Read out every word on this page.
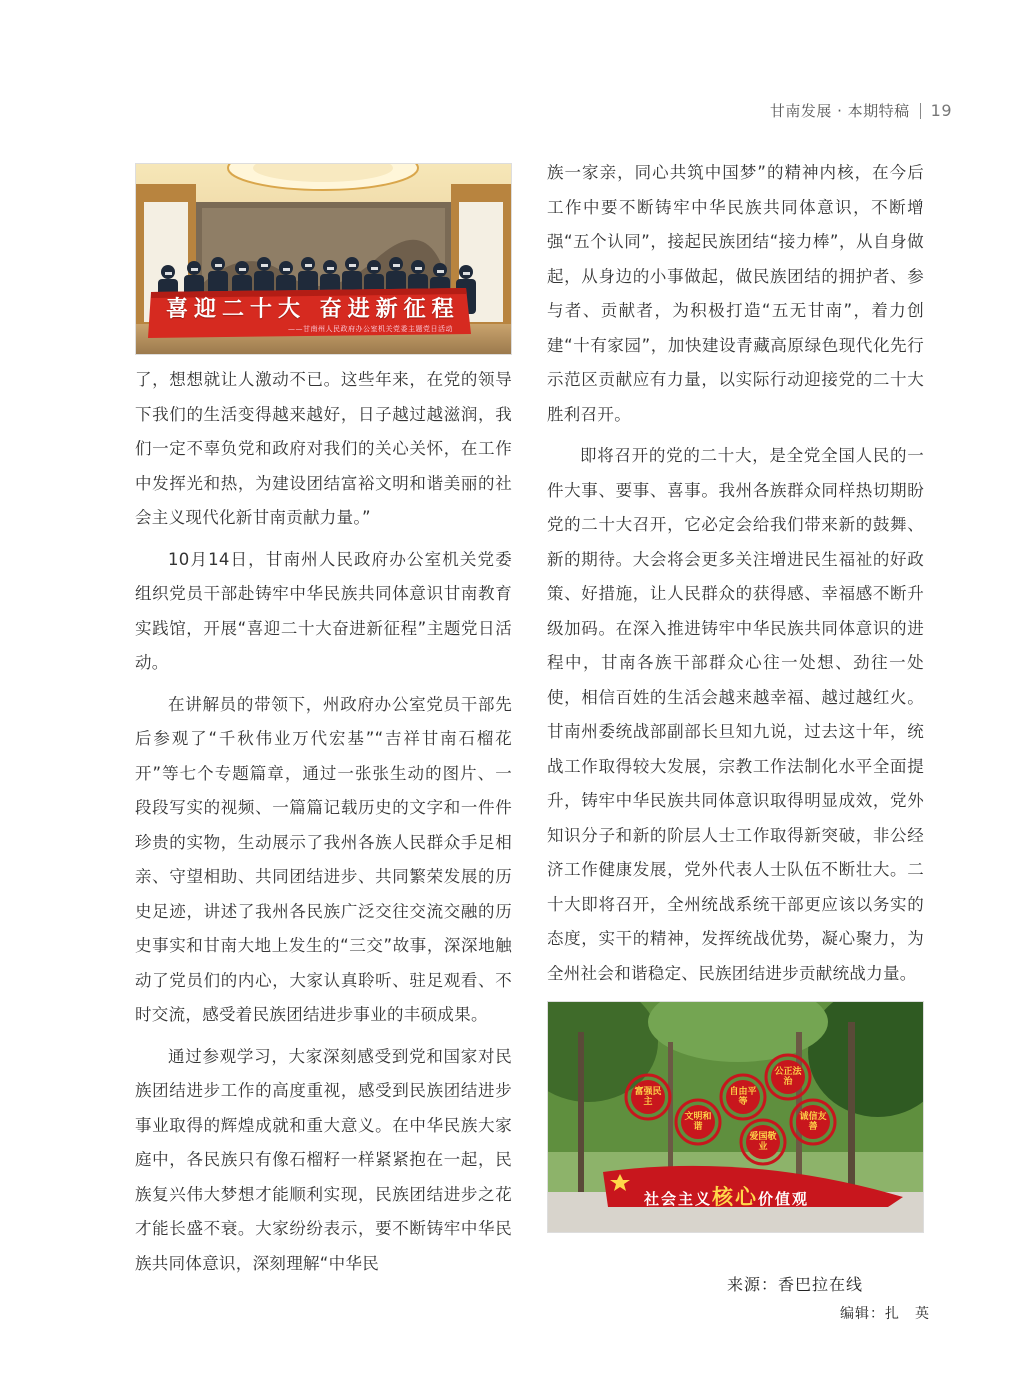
甘南发展 · 本期特稿 19
喜迎二十大 奋进新征程
——甘南州人民政府办公室机关党委主题党日活动

了，想想就让人激动不已。这些年来，在党的领导下我们的生活变得越来越好，日子越过越滋润，我们一定不辜负党和政府对我们的关心关怀，在工作中发挥光和热，为建设团结富裕文明和谐美丽的社会主义现代化新甘南贡献力量。”

10月14日，甘南州人民政府办公室机关党委组织党员干部赴铸牢中华民族共同体意识甘南教育实践馆，开展“喜迎二十大奋进新征程”主题党日活动。

在讲解员的带领下，州政府办公室党员干部先后参观了“千秋伟业万代宏基”“吉祥甘南石榴花开”等七个专题篇章，通过一张张生动的图片、一段段写实的视频、一篇篇记载历史的文字和一件件珍贵的实物，生动展示了我州各族人民群众手足相亲、守望相助、共同团结进步、共同繁荣发展的历史足迹，讲述了我州各民族广泛交往交流交融的历史事实和甘南大地上发生的“三交”故事，深深地触动了党员们的内心，大家认真聆听、驻足观看、不时交流，感受着民族团结进步事业的丰硕成果。

通过参观学习，大家深刻感受到党和国家对民族团结进步工作的高度重视，感受到民族团结进步事业取得的辉煌成就和重大意义。在中华民族大家庭中，各民族只有像石榴籽一样紧紧抱在一起，民族复兴伟大梦想才能顺利实现，民族团结进步之花才能长盛不衰。大家纷纷表示，要不断铸牢中华民族共同体意识，深刻理解“中华民

族一家亲，同心共筑中国梦”的精神内核，在今后工作中要不断铸牢中华民族共同体意识，不断增强“五个认同”，接起民族团结“接力棒”，从自身做起，从身边的小事做起，做民族团结的拥护者、参与者、贡献者，为积极打造“五无甘南”，着力创建“十有家园”，加快建设青藏高原绿色现代化先行示范区贡献应有力量，以实际行动迎接党的二十大胜利召开。

即将召开的党的二十大，是全党全国人民的一件大事、要事、喜事。我州各族群众同样热切期盼党的二十大召开，它必定会给我们带来新的鼓舞、新的期待。大会将会更多关注增进民生福祉的好政策、好措施，让人民群众的获得感、幸福感不断升级加码。在深入推进铸牢中华民族共同体意识的进程中，甘南各族干部群众心往一处想、劲往一处使，相信百姓的生活会越来越幸福、越过越红火。甘南州委统战部副部长旦知九说，过去这十年，统战工作取得较大发展，宗教工作法制化水平全面提升，铸牢中华民族共同体意识取得明显成效，党外知识分子和新的阶层人士工作取得新突破，非公经济工作健康发展，党外代表人士队伍不断壮大。二十大即将召开，全州统战系统干部更应该以务实的态度，实干的精神，发挥统战优势，凝心聚力，为全州社会和谐稳定、民族团结进步贡献统战力量。

富强民主
文明和谐
自由平等
公正法治
爱国敬业
诚信友善
社会主义核心价值观
来源：香巴拉在线
编辑：扎　英
